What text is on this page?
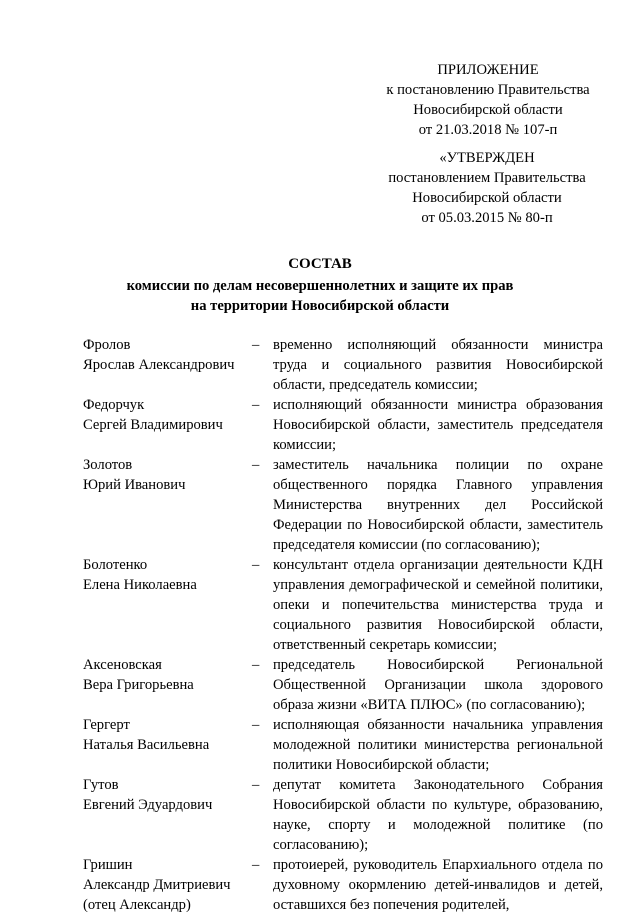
ПРИЛОЖЕНИЕ
к постановлению Правительства
Новосибирской области
от 21.03.2018 № 107-п
«УТВЕРЖДЕН
постановлением Правительства
Новосибирской области
от 05.03.2015 № 80-п
СОСТАВ
комиссии по делам несовершеннолетних и защите их прав
на территории Новосибирской области
Фролов
Ярослав Александрович
– временно исполняющий обязанности министра труда и социального развития Новосибирской области, председатель комиссии;
Федорчук
Сергей Владимирович
– исполняющий обязанности министра образования Новосибирской области, заместитель председателя комиссии;
Золотов
Юрий Иванович
– заместитель начальника полиции по охране общественного порядка Главного управления Министерства внутренних дел Российской Федерации по Новосибирской области, заместитель председателя комиссии (по согласованию);
Болотенко
Елена Николаевна
– консультант отдела организации деятельности КДН управления демографической и семейной политики, опеки и попечительства министерства труда и социального развития Новосибирской области, ответственный секретарь комиссии;
Аксеновская
Вера Григорьевна
– председатель Новосибирской Региональной Общественной Организации школа здорового образа жизни «ВИТА ПЛЮС» (по согласованию);
Гергерт
Наталья Васильевна
– исполняющая обязанности начальника управления молодежной политики министерства региональной политики Новосибирской области;
Гутов
Евгений Эдуардович
– депутат комитета Законодательного Собрания Новосибирской области по культуре, образованию, науке, спорту и молодежной политике (по согласованию);
Гришин
Александр Дмитриевич
(отец Александр)
– протоиерей, руководитель Епархиального отдела по духовному окормлению детей-инвалидов и детей, оставшихся без попечения родителей,
